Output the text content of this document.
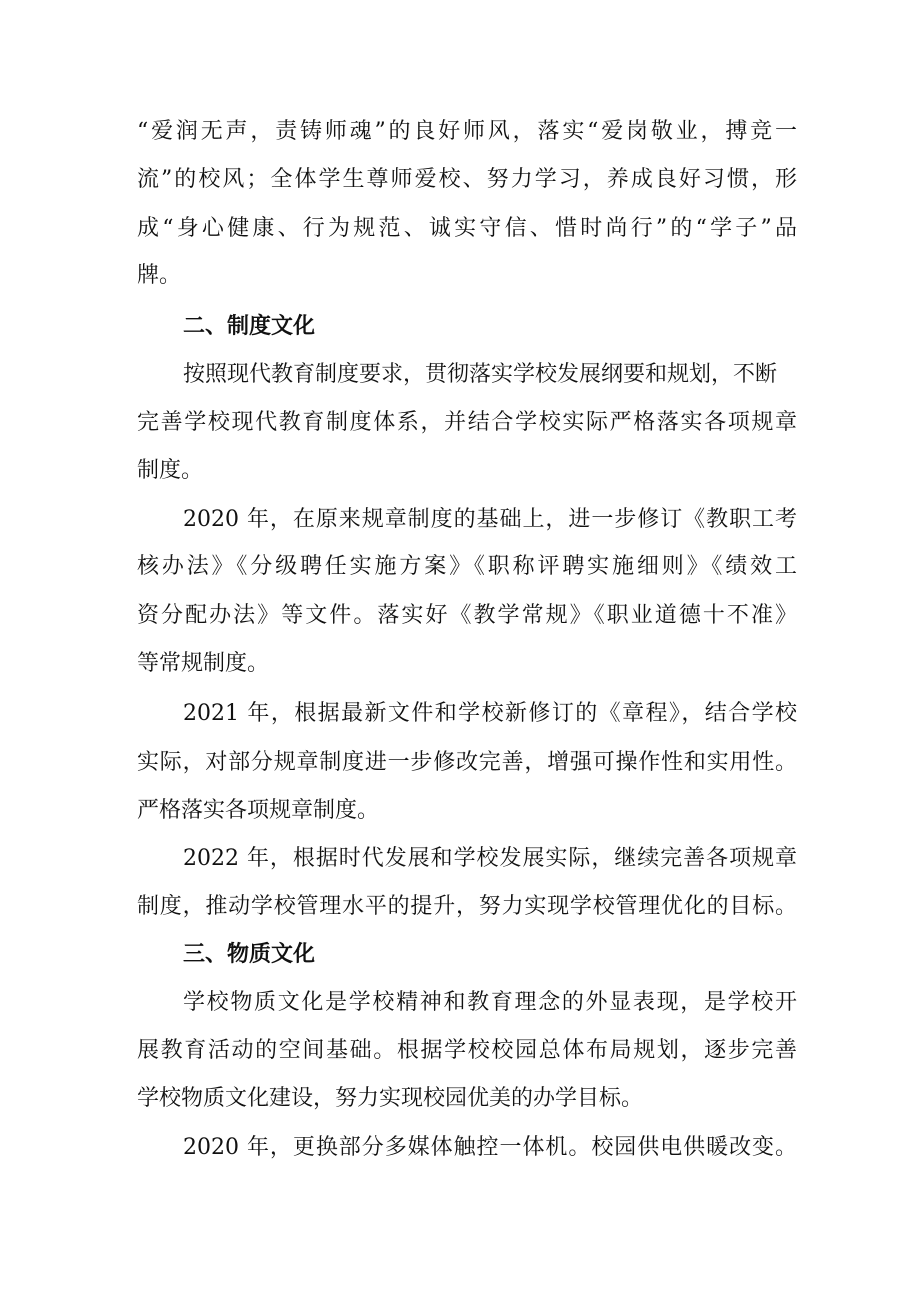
“爱润无声，责铸师魂”的良好师风，落实“爱岗敬业，搏竞一
流”的校风；全体学生尊师爱校、努力学习，养成良好习惯，形
成“身心健康、行为规范、诚实守信、惜时尚行”的“学子”品
牌。
二、制度文化
按照现代教育制度要求，贯彻落实学校发展纲要和规划，不断
完善学校现代教育制度体系，并结合学校实际严格落实各项规章
制度。
2020 年，在原来规章制度的基础上，进一步修订《教职工考
核办法》《分级聘任实施方案》《职称评聘实施细则》《绩效工
资分配办法》等文件。落实好《教学常规》《职业道德十不准》
等常规制度。
2021 年，根据最新文件和学校新修订的《章程》，结合学校
实际，对部分规章制度进一步修改完善，增强可操作性和实用性。
严格落实各项规章制度。
2022 年，根据时代发展和学校发展实际，继续完善各项规章
制度，推动学校管理水平的提升，努力实现学校管理优化的目标。
三、物质文化
学校物质文化是学校精神和教育理念的外显表现，是学校开
展教育活动的空间基础。根据学校校园总体布局规划，逐步完善
学校物质文化建设，努力实现校园优美的办学目标。
2020 年，更换部分多媒体触控一体机。校园供电供暖改变。
